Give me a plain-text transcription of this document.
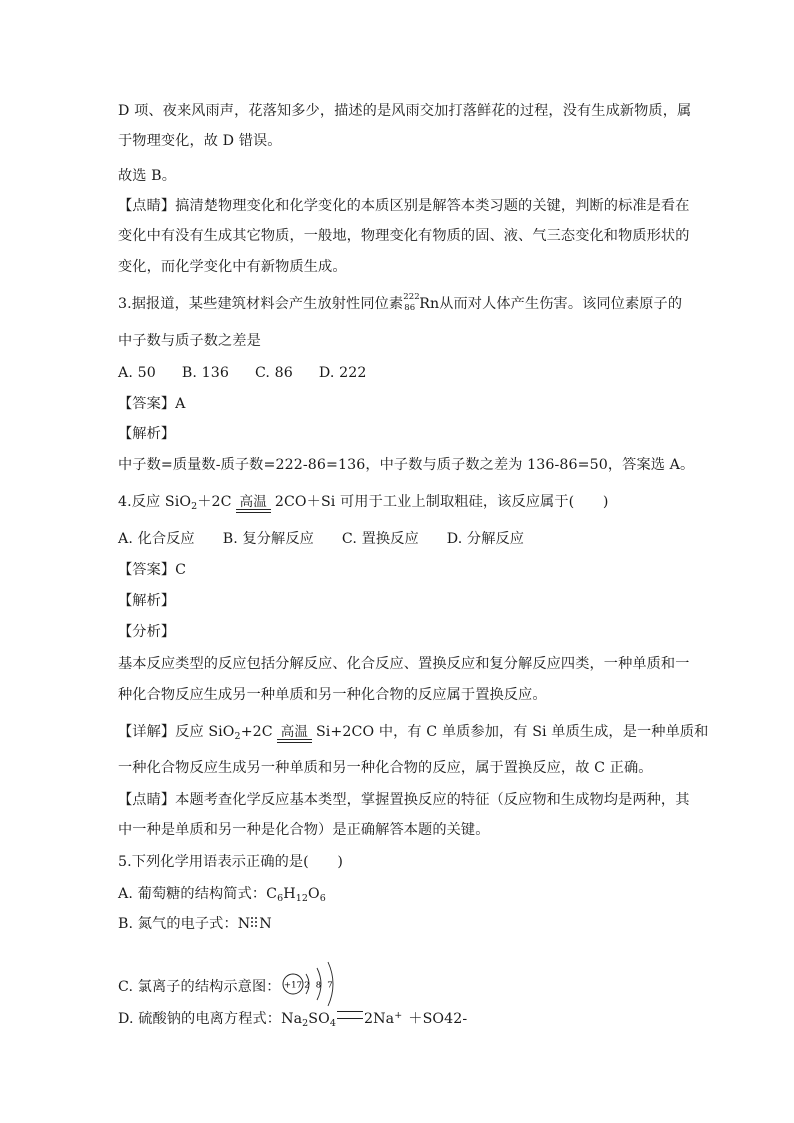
D 项、夜来风雨声，花落知多少，描述的是风雨交加打落鲜花的过程，没有生成新物质，属
于物理变化，故 D 错误。
故选 B。
【点睛】搞清楚物理变化和化学变化的本质区别是解答本类习题的关键，判断的标准是看在
变化中有没有生成其它物质，一般地，物理变化有物质的固、液、气三态变化和物质形状的
变化，而化学变化中有新物质生成。
3.据报道，某些建筑材料会产生放射性同位素 222
86 Rn从而对人体产生伤害。该同位素原子的
中子数与质子数之差是
A. 50 B. 136 C. 86 D. 222
【答案】A
【解析】
中子数=质量数-质子数=222-86=136，中子数与质子数之差为 136-86=50，答案选 A。
4.反应 SiO$_2$＋2C 高温 2CO＋Si 可用于工业上制取粗硅，该反应属于(　　)
A. 化合反应 B. 复分解反应 C. 置换反应 D. 分解反应
【答案】C
【解析】
【分析】
基本反应类型的反应包括分解反应、化合反应、置换反应和复分解反应四类，一种单质和一
种化合物反应生成另一种单质和另一种化合物的反应属于置换反应。
【详解】反应 SiO$_2$+2C 高温 Si+2CO 中，有 C 单质参加，有 Si 单质生成，是一种单质和
一种化合物反应生成另一种单质和另一种化合物的反应，属于置换反应，故 C 正确。
【点睛】本题考查化学反应基本类型，掌握置换反应的特征（反应物和生成物均是两种，其
中一种是单质和另一种是化合物）是正确解答本题的关键。
5.下列化学用语表示正确的是(　　)
A. 葡萄糖的结构简式：$C_6H_{12}O_6$
B. 氮气的电子式：N N
C. 氯离子的结构示意图： +17 2 8 7
D. 硫酸钠的电离方程式：$Na_2SO_4$ 2Na+ ＋SO42-
